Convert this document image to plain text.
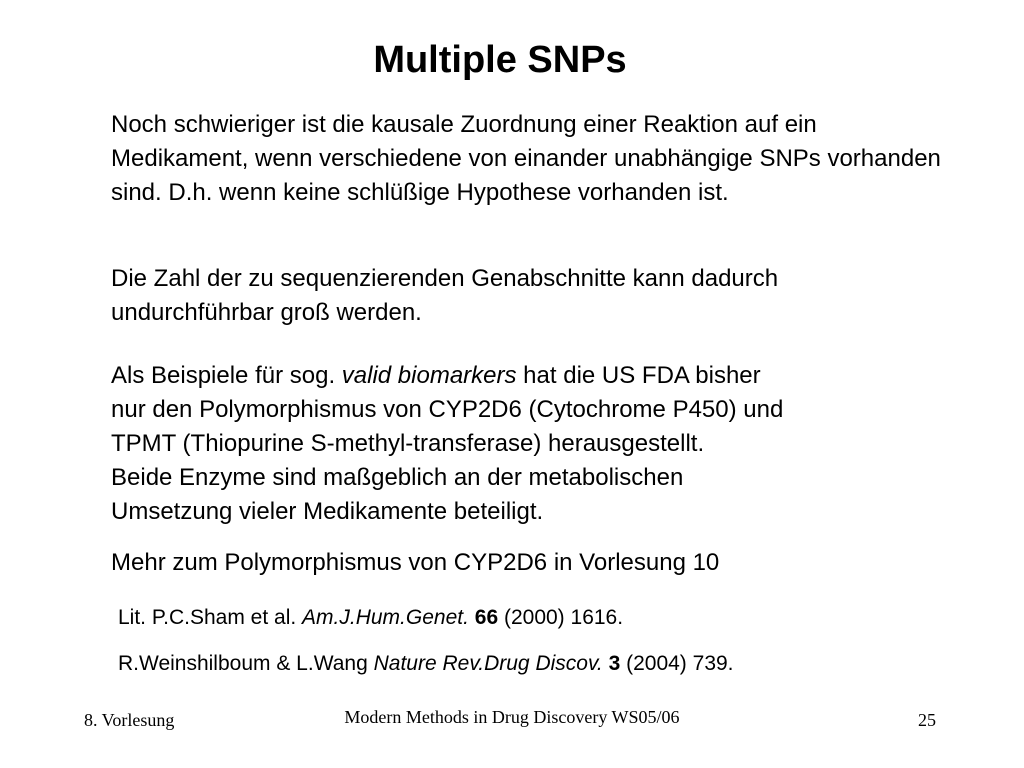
Multiple SNPs

Noch schwieriger ist die kausale Zuordnung einer Reaktion auf ein Medikament, wenn verschiedene von einander unabhängige SNPs vorhanden sind. D.h. wenn keine schlüßige Hypothese vorhanden ist.

Die Zahl der zu sequenzierenden Genabschnitte kann dadurch

undurchführbar groß werden.

Als Beispiele für sog. valid biomarkers hat die US FDA bisher

nur den Polymorphismus von CYP2D6 (Cytochrome P450) und

TPMT (Thiopurine S-methyl-transferase) herausgestellt.

Beide Enzyme sind maßgeblich an der metabolischen

Umsetzung vieler Medikamente beteiligt.

Mehr zum Polymorphismus von CYP2D6 in Vorlesung 10

Lit. P.C.Sham et al. Am.J.Hum.Genet. 66 (2000) 1616.
R.Weinshilboum & L.Wang Nature Rev.Drug Discov. 3 (2004) 739.
8. Vorlesung	Modern Methods in Drug Discovery WS05/06	25
